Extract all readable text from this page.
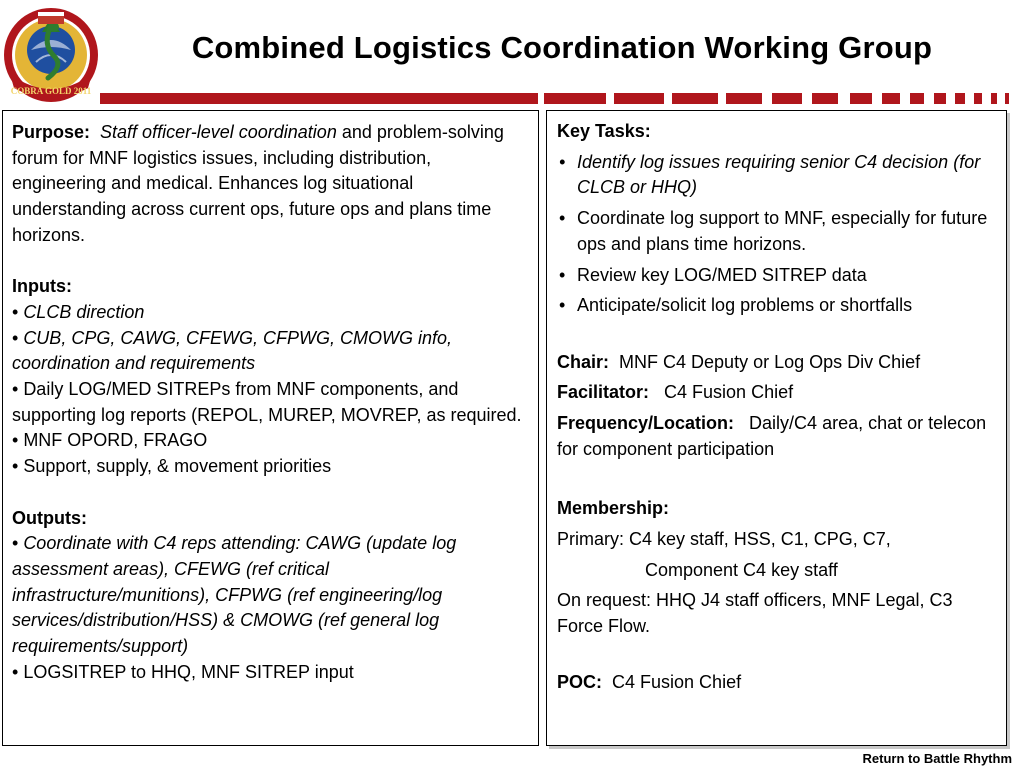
COBRA GOLD 2011
Combined Logistics Coordination Working Group

Purpose: Staff officer-level coordination and problem-solving forum for MNF logistics issues, including distribution, engineering and medical. Enhances log situational understanding across current ops, future ops and plans time horizons.

Inputs:

• CLCB direction

• CUB, CPG, CAWG, CFEWG, CFPWG, CMOWG info, coordination and requirements

• Daily LOG/MED SITREPs from MNF components, and supporting log reports (REPOL, MUREP, MOVREP, as required.

• MNF OPORD, FRAGO

• Support, supply, & movement priorities

Outputs:

• Coordinate with C4 reps attending: CAWG (update log assessment areas), CFEWG (ref critical infrastructure/munitions), CFPWG (ref engineering/log services/distribution/HSS) & CMOWG (ref general log requirements/support)

• LOGSITREP to HHQ, MNF SITREP input

Key Tasks:

• Identify log issues requiring senior C4 decision (for CLCB or HHQ)
• Coordinate log support to MNF, especially for future ops and plans time horizons.
• Review key LOG/MED SITREP data
• Anticipate/solicit log problems or shortfalls

Chair: MNF C4 Deputy or Log Ops Div Chief

Facilitator: C4 Fusion Chief

Frequency/Location: Daily/C4 area, chat or telecon for component participation

Membership:

Primary: C4 key staff, HSS, C1, CPG, C7,

Component C4 key staff

On request: HHQ J4 staff officers, MNF Legal, C3 Force Flow.

POC: C4 Fusion Chief

Return to Battle Rhythm
